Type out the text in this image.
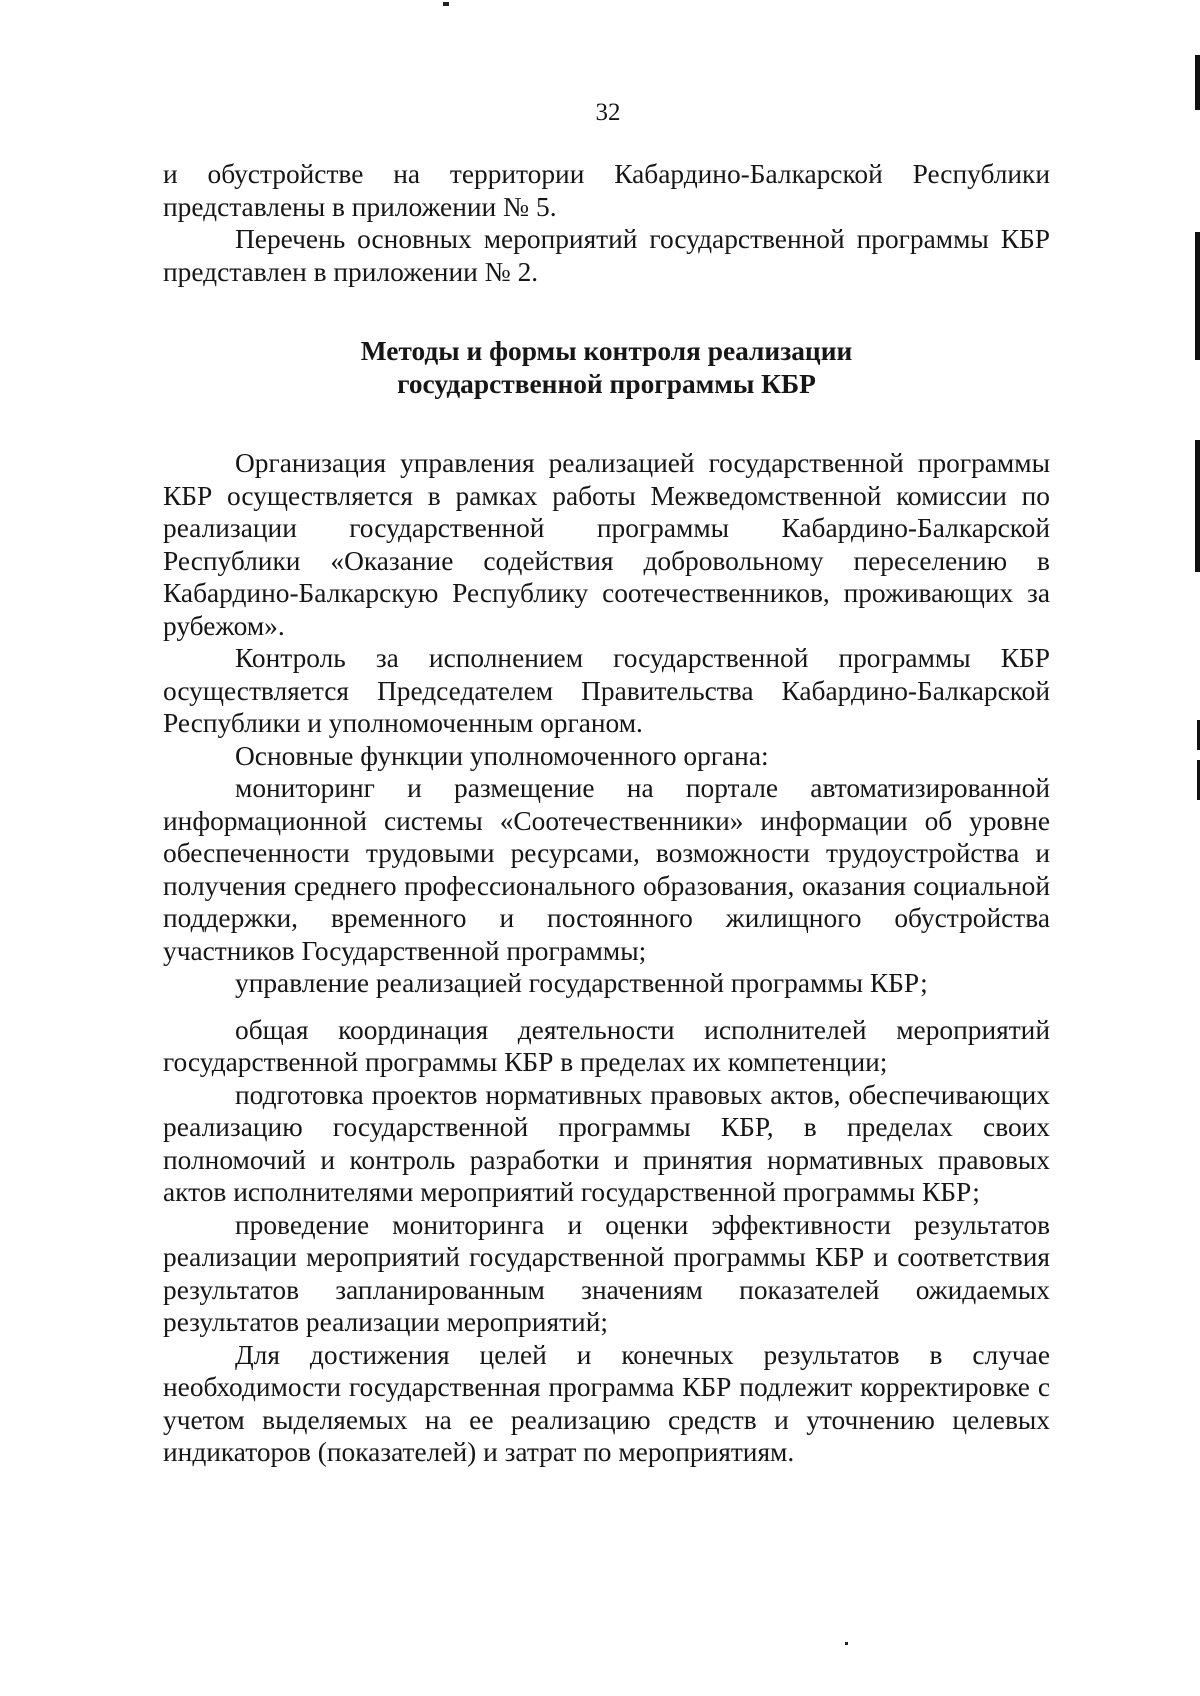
32

и обустройстве на территории Кабардино-Балкарской Республики представлены в приложении № 5.

Перечень основных мероприятий государственной программы КБР представлен в приложении № 2.

Методы и формы контроля реализации
государственной программы КБР

Организация управления реализацией государственной программы КБР осуществляется в рамках работы Межведомственной комиссии по реализации государственной программы Кабардино-Балкарской Республики «Оказание содействия добровольному переселению в Кабардино-Балкарскую Республику соотечественников, проживающих за рубежом».

Контроль за исполнением государственной программы КБР осуществляется Председателем Правительства Кабардино-Балкарской Республики и уполномоченным органом.

Основные функции уполномоченного органа:

мониторинг и размещение на портале автоматизированной информационной системы «Соотечественники» информации об уровне обеспеченности трудовыми ресурсами, возможности трудоустройства и получения среднего профессионального образования, оказания социальной поддержки, временного и постоянного жилищного обустройства участников Государственной программы;

управление реализацией государственной программы КБР;

общая координация деятельности исполнителей мероприятий государственной программы КБР в пределах их компетенции;

подготовка проектов нормативных правовых актов, обеспечивающих реализацию государственной программы КБР, в пределах своих полномочий и контроль разработки и принятия нормативных правовых актов исполнителями мероприятий государственной программы КБР;

проведение мониторинга и оценки эффективности результатов реализации мероприятий государственной программы КБР и соответствия результатов запланированным значениям показателей ожидаемых результатов реализации мероприятий;

Для достижения целей и конечных результатов в случае необходимости государственная программа КБР подлежит корректировке с учетом выделяемых на ее реализацию средств и уточнению целевых индикаторов (показателей) и затрат по мероприятиям.
